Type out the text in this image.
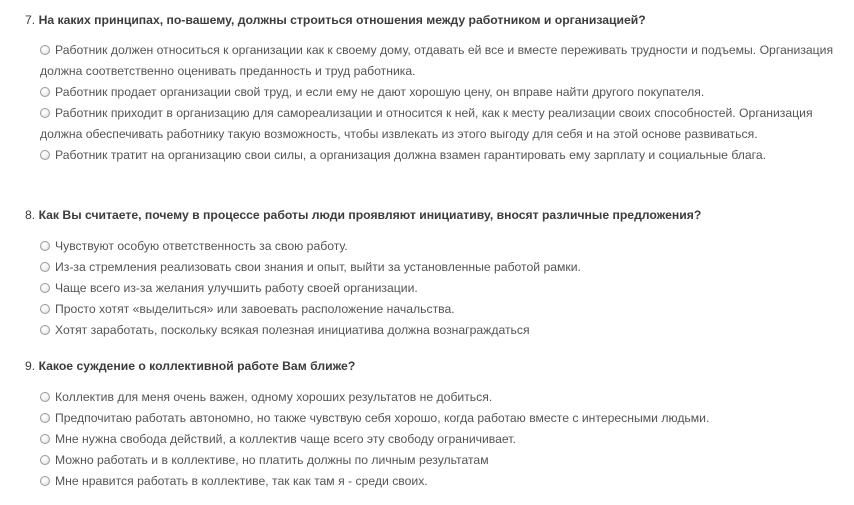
7. На каких принципах, по-вашему, должны строиться отношения между работником и организацией?
Работник должен относиться к организации как к своему дому, отдавать ей все и вместе переживать трудности и подъемы. Организация должна соответственно оценивать преданность и труд работника.
Работник продает организации свой труд, и если ему не дают хорошую цену, он вправе найти другого покупателя.
Работник приходит в организацию для самореализации и относится к ней, как к месту реализации своих способностей. Организация должна обеспечивать работнику такую возможность, чтобы извлекать из этого выгоду для себя и на этой основе развиваться.
Работник тратит на организацию свои силы, а организация должна взамен гарантировать ему зарплату и социальные блага.
8. Как Вы считаете, почему в процессе работы люди проявляют инициативу, вносят различные предложения?
Чувствуют особую ответственность за свою работу.
Из-за стремления реализовать свои знания и опыт, выйти за установленные работой рамки.
Чаще всего из-за желания улучшить работу своей организации.
Просто хотят «выделиться» или завоевать расположение начальства.
Хотят заработать, поскольку всякая полезная инициатива должна вознаграждаться
9. Какое суждение о коллективной работе Вам ближе?
Коллектив для меня очень важен, одному хороших результатов не добиться.
Предпочитаю работать автономно, но также чувствую себя хорошо, когда работаю вместе с интересными людьми.
Мне нужна свобода действий, а коллектив чаще всего эту свободу ограничивает.
Можно работать и в коллективе, но платить должны по личным результатам
Мне нравится работать в коллективе, так как там я - среди своих.
